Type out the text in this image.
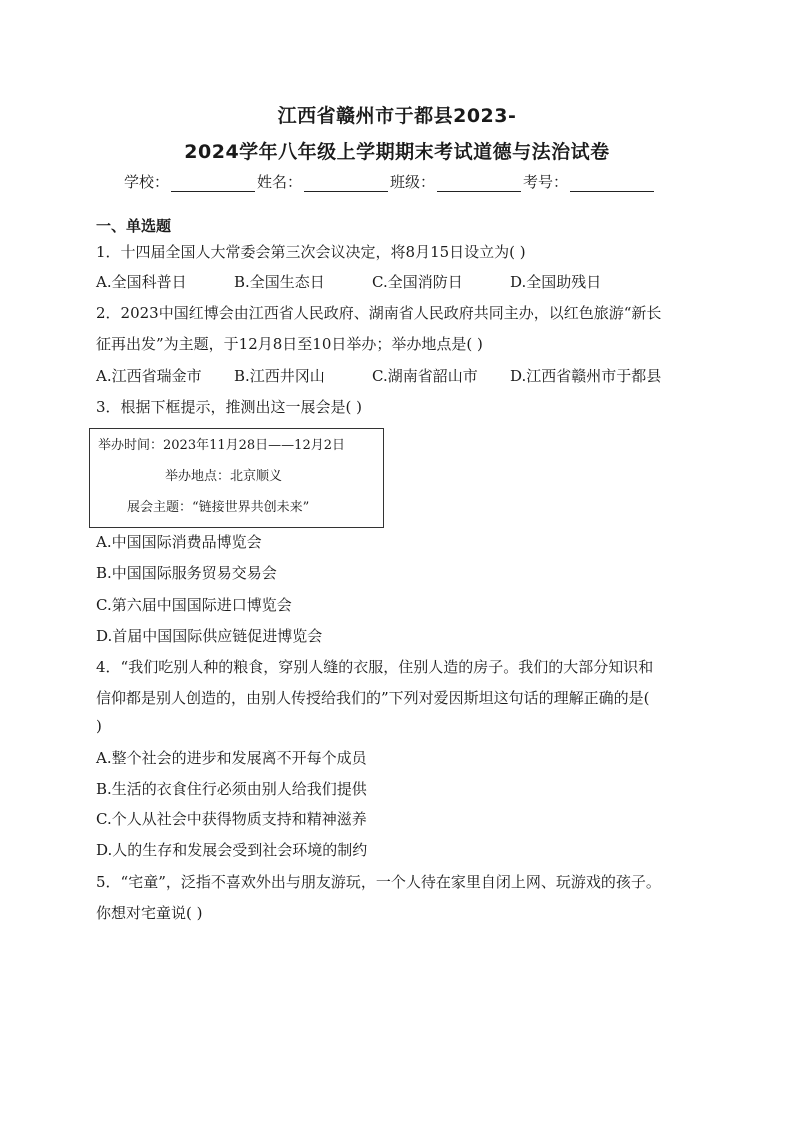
江西省赣州市于都县2023-
2024学年八年级上学期期末考试道德与法治试卷
学校：	姓名：	班级：	考号：
一、单选题
1．十四届全国人大常委会第三次会议决定，将8月15日设立为( )
A.全国科普日	B.全国生态日	C.全国消防日	D.全国助残日
2．2023中国红博会由江西省人民政府、湖南省人民政府共同主办，以红色旅游“新长
征再出发”为主题，于12月8日至10日举办；举办地点是( )
A.江西省瑞金市 B.江西井冈山	C.湖南省韶山市 D.江西省赣州市于都县
3．根据下框提示，推测出这一展会是( )
举办时间：2023年11月28日——12月2日
举办地点：北京顺义
展会主题：“链接世界共创未来”
A.中国国际消费品博览会
B.中国国际服务贸易交易会
C.第六届中国国际进口博览会
D.首届中国国际供应链促进博览会
4．“我们吃别人种的粮食，穿别人缝的衣服，住别人造的房子。我们的大部分知识和
信仰都是别人创造的，由别人传授给我们的”下列对爱因斯坦这句话的理解正确的是(
)
A.整个社会的进步和发展离不开每个成员
B.生活的衣食住行必须由别人给我们提供
C.个人从社会中获得物质支持和精神滋养
D.人的生存和发展会受到社会环境的制约
5．“宅童”，泛指不喜欢外出与朋友游玩，一个人待在家里自闭上网、玩游戏的孩子。
你想对宅童说( )
